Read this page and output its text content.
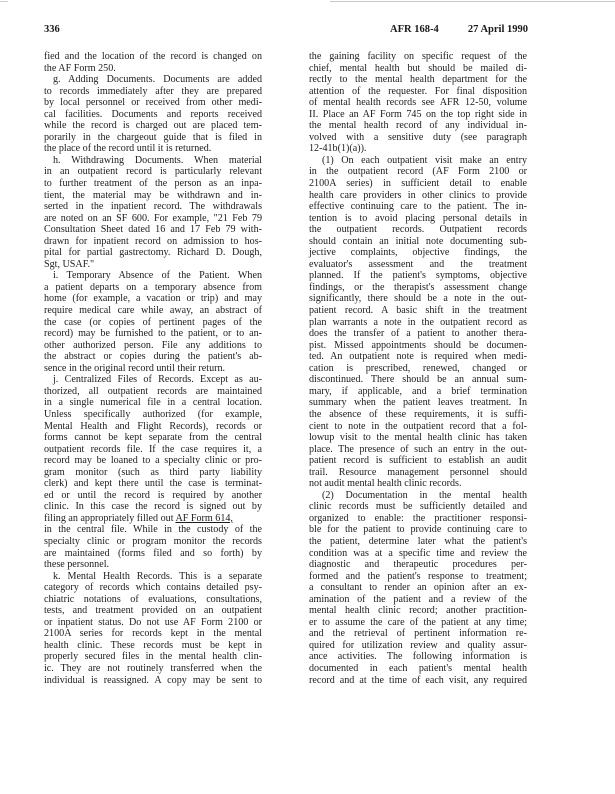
336	AFR 168-4	27 April 1990
fied and the location of the record is changed on
the AF Form 250.
g. Adding Documents. Documents are added
to records immediately after they are prepared
by local personnel or received from other medi-
cal facilities. Documents and reports received
while the record is charged out are placed tem-
porarily in the chargeout guide that is filed in
the place of the record until it is returned.
h. Withdrawing Documents. When material
in an outpatient record is particularly relevant
to further treatment of the person as an inpa-
tient, the material may be withdrawn and in-
serted in the inpatient record. The withdrawals
are noted on an SF 600. For example, "21 Feb 79
Consultation Sheet dated 16 and 17 Feb 79 with-
drawn for inpatient record on admission to hos-
pital for partial gastrectomy. Richard D. Dough,
Sgt, USAF."
i. Temporary Absence of the Patient. When
a patient departs on a temporary absence from
home (for example, a vacation or trip) and may
require medical care while away, an abstract of
the case (or copies of pertinent pages of the
record) may be furnished to the patient, or to an-
other authorized person. File any additions to
the abstract or copies during the patient's ab-
sence in the original record until their return.
j. Centralized Files of Records. Except as au-
thorized, all outpatient records are maintained
in a single numerical file in a central location.
Unless specifically authorized (for example,
Mental Health and Flight Records), records or
forms cannot be kept separate from the central
outpatient records file. If the case requires it, a
record may be loaned to a specialty clinic or pro-
gram monitor (such as third party liability
clerk) and kept there until the case is terminat-
ed or until the record is required by another
clinic. In this case the record is signed out by
filing an appropriately filled out AF Form 614,
in the central file. While in the custody of the
specialty clinic or program monitor the records
are maintained (forms filed and so forth) by
these personnel.
k. Mental Health Records. This is a separate
category of records which contains detailed psy-
chiatric notations of evaluations, consultations,
tests, and treatment provided on an outpatient
or inpatient status. Do not use AF Form 2100 or
2100A series for records kept in the mental
health clinic. These records must be kept in
properly secured files in the mental health clin-
ic. They are not routinely transferred when the
individual is reassigned. A copy may be sent to
the gaining facility on specific request of the
chief, mental health but should be mailed di-
rectly to the mental health department for the
attention of the requester. For final disposition
of mental health records see AFR 12-50, volume
II. Place an AF Form 745 on the top right side in
the mental health record of any individual in-
volved with a sensitive duty (see paragraph
12-41b(1)(a)).
(1) On each outpatient visit make an entry
in the outpatient record (AF Form 2100 or
2100A series) in sufficient detail to enable
health care providers in other clinics to provide
effective continuing care to the patient. The in-
tention is to avoid placing personal details in
the outpatient records. Outpatient records
should contain an initial note documenting sub-
jective complaints, objective findings, the
evaluator's assessment and the treatment
planned. If the patient's symptoms, objective
findings, or the therapist's assessment change
significantly, there should be a note in the out-
patient record. A basic shift in the treatment
plan warrants a note in the outpatient record as
does the transfer of a patient to another thera-
pist. Missed appointments should be documen-
ted. An outpatient note is required when medi-
cation is prescribed, renewed, changed or
discontinued. There should be an annual sum-
mary, if applicable, and a brief termination
summary when the patient leaves treatment. In
the absence of these requirements, it is suffi-
cient to note in the outpatient record that a fol-
lowup visit to the mental health clinic has taken
place. The presence of such an entry in the out-
patient record is sufficient to establish an audit
trail. Resource management personnel should
not audit mental health clinic records.
(2) Documentation in the mental health
clinic records must be sufficiently detailed and
organized to enable: the practitioner responsi-
ble for the patient to provide continuing care to
the patient, determine later what the patient's
condition was at a specific time and review the
diagnostic and therapeutic procedures per-
formed and the patient's response to treatment;
a consultant to render an opinion after an ex-
amination of the patient and a review of the
mental health clinic record; another practition-
er to assume the care of the patient at any time;
and the retrieval of pertinent information re-
quired for utilization review and quality assur-
ance activities. The following information is
documented in each patient's mental health
record and at the time of each visit, any required
